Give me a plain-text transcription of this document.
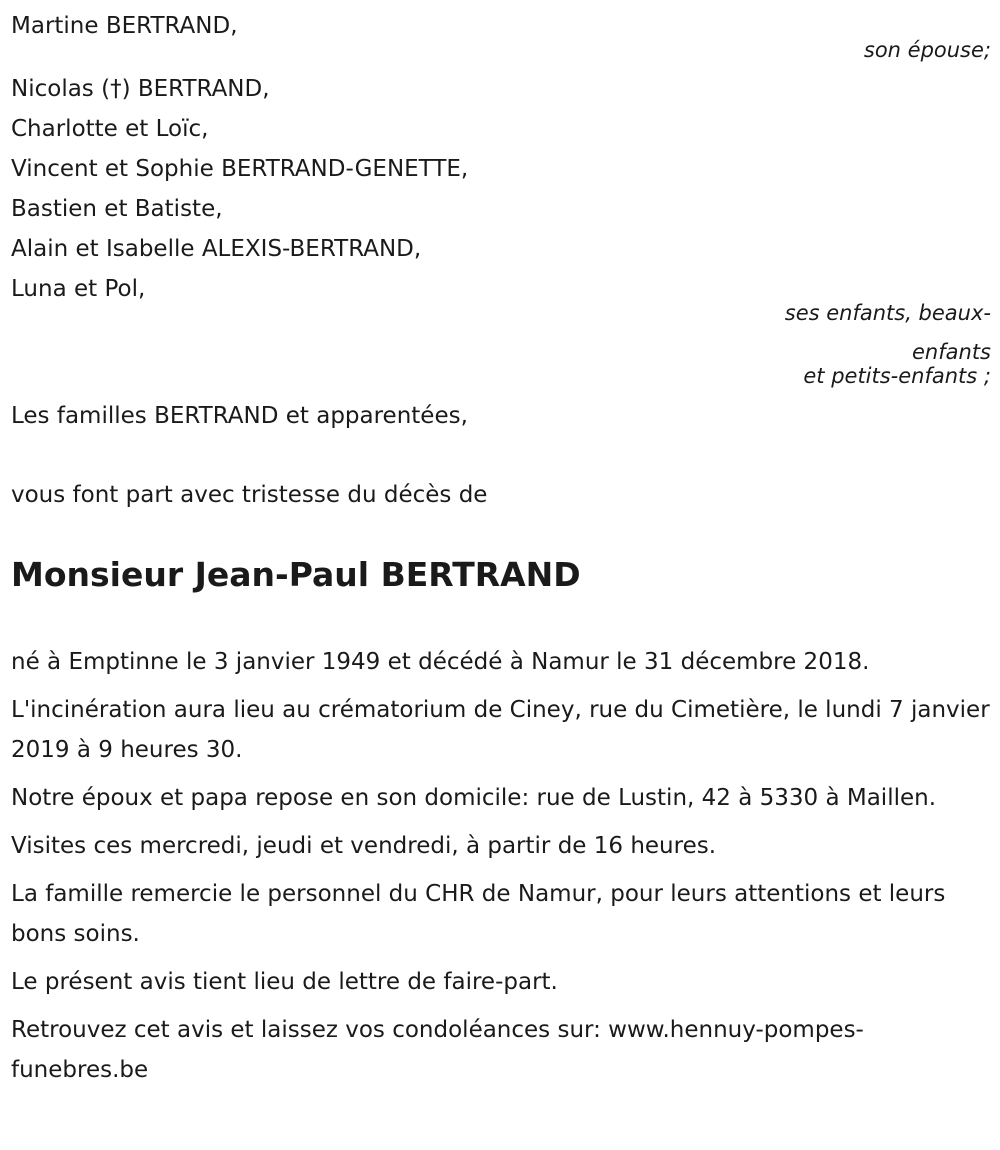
Martine BERTRAND,
son épouse;
Nicolas (†) BERTRAND,
Charlotte et Loïc,
Vincent et Sophie BERTRAND-GENETTE,
Bastien et Batiste,
Alain et Isabelle ALEXIS-BERTRAND,
Luna et Pol,
ses enfants, beaux-
enfants
et petits-enfants ;
Les familles BERTRAND et apparentées,
vous font part avec tristesse du décès de
Monsieur Jean-Paul BERTRAND

né à Emptinne le 3 janvier 1949 et décédé à Namur le 31 décembre 2018.

L'incinération aura lieu au crématorium de Ciney, rue du Cimetière, le lundi 7 janvier 2019 à 9 heures 30.

Notre époux et papa repose en son domicile: rue de Lustin, 42 à 5330 à Maillen.

Visites ces mercredi, jeudi et vendredi, à partir de 16 heures.

La famille remercie le personnel du CHR de Namur, pour leurs attentions et leurs bons soins.

Le présent avis tient lieu de lettre de faire-part.

Retrouvez cet avis et laissez vos condoléances sur: www.hennuy-pompes-funebres.be
